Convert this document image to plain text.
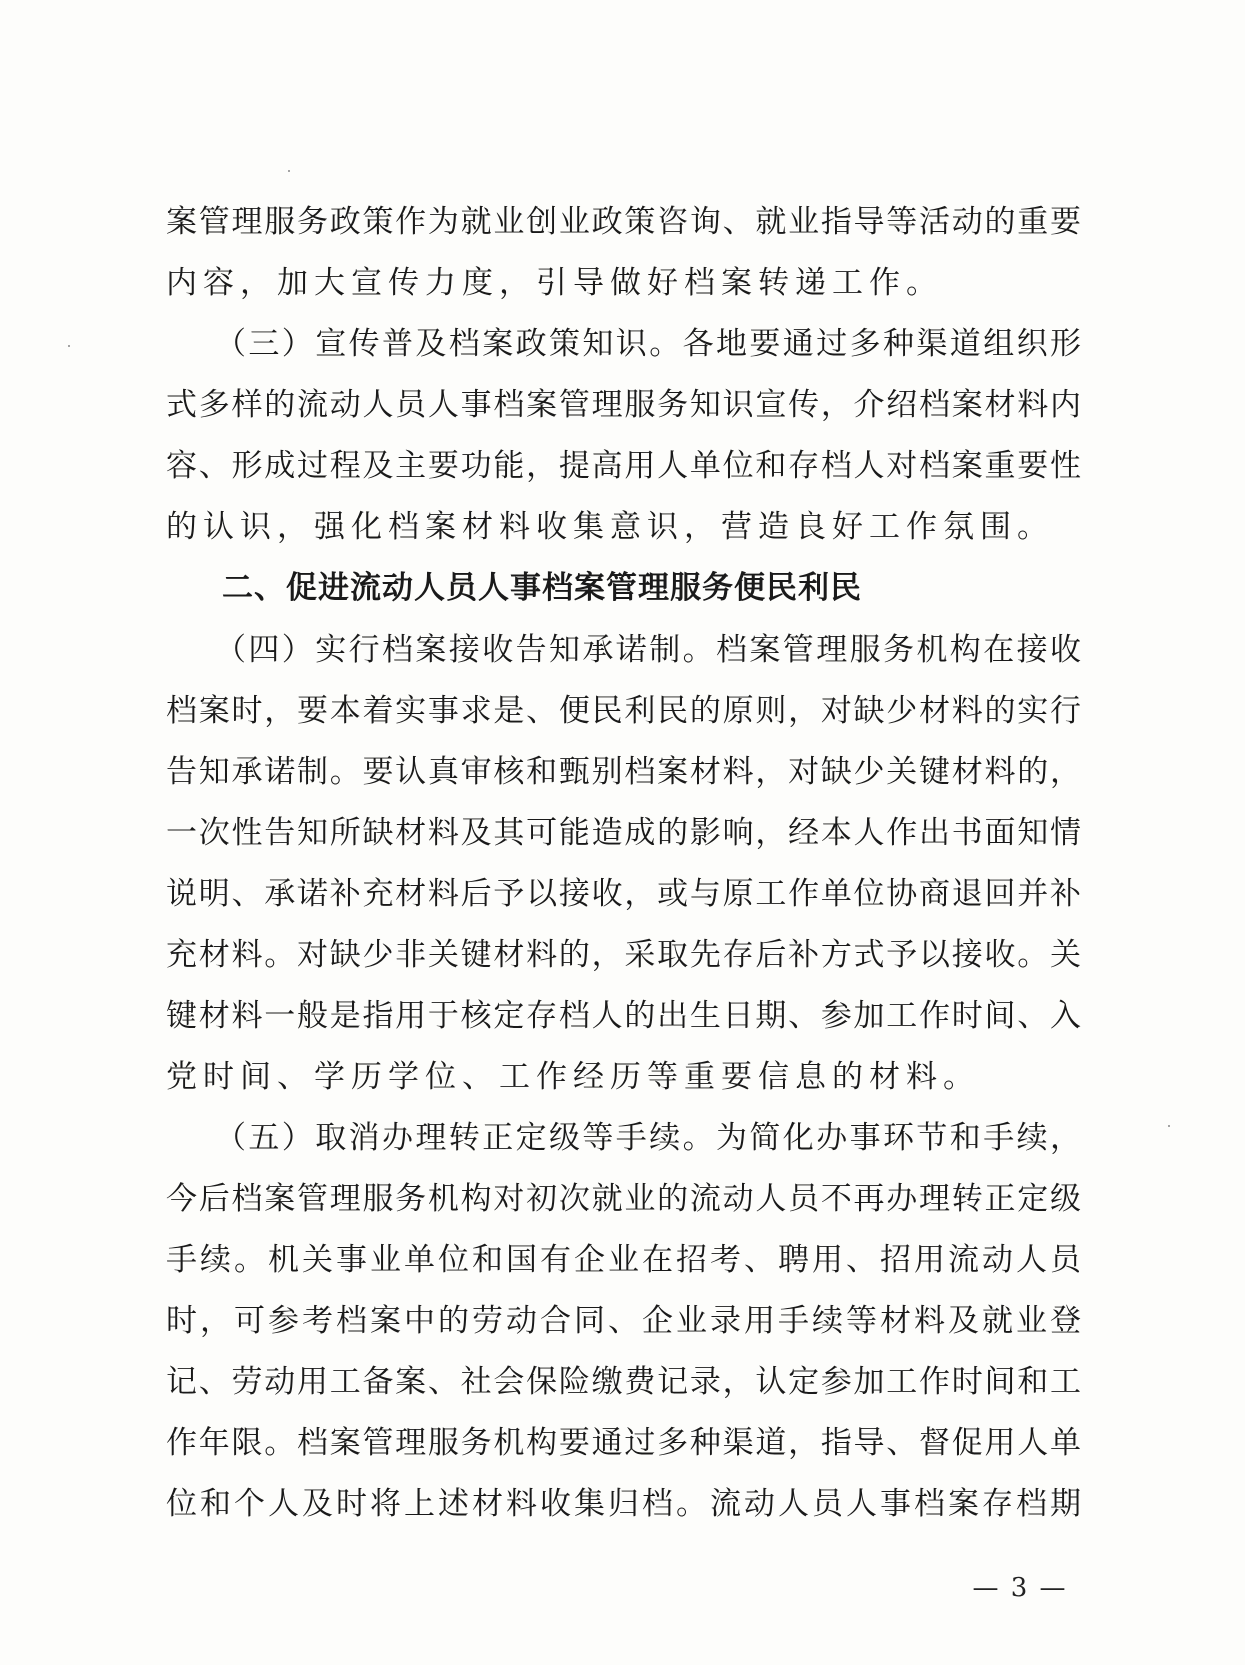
案管理服务政策作为就业创业政策咨询、就业指导等活动的重要
内容，加大宣传力度，引导做好档案转递工作。
（三）宣传普及档案政策知识。各地要通过多种渠道组织形
式多样的流动人员人事档案管理服务知识宣传，介绍档案材料内
容、形成过程及主要功能，提高用人单位和存档人对档案重要性
的认识，强化档案材料收集意识，营造良好工作氛围。
二、促进流动人员人事档案管理服务便民利民
（四）实行档案接收告知承诺制。档案管理服务机构在接收
档案时，要本着实事求是、便民利民的原则，对缺少材料的实行
告知承诺制。要认真审核和甄别档案材料，对缺少关键材料的，
一次性告知所缺材料及其可能造成的影响，经本人作出书面知情
说明、承诺补充材料后予以接收，或与原工作单位协商退回并补
充材料。对缺少非关键材料的，采取先存后补方式予以接收。关
键材料一般是指用于核定存档人的出生日期、参加工作时间、入
党时间、学历学位、工作经历等重要信息的材料。
（五）取消办理转正定级等手续。为简化办事环节和手续，
今后档案管理服务机构对初次就业的流动人员不再办理转正定级
手续。机关事业单位和国有企业在招考、聘用、招用流动人员
时，可参考档案中的劳动合同、企业录用手续等材料及就业登
记、劳动用工备案、社会保险缴费记录，认定参加工作时间和工
作年限。档案管理服务机构要通过多种渠道，指导、督促用人单
位和个人及时将上述材料收集归档。流动人员人事档案存档期
— 3 —
